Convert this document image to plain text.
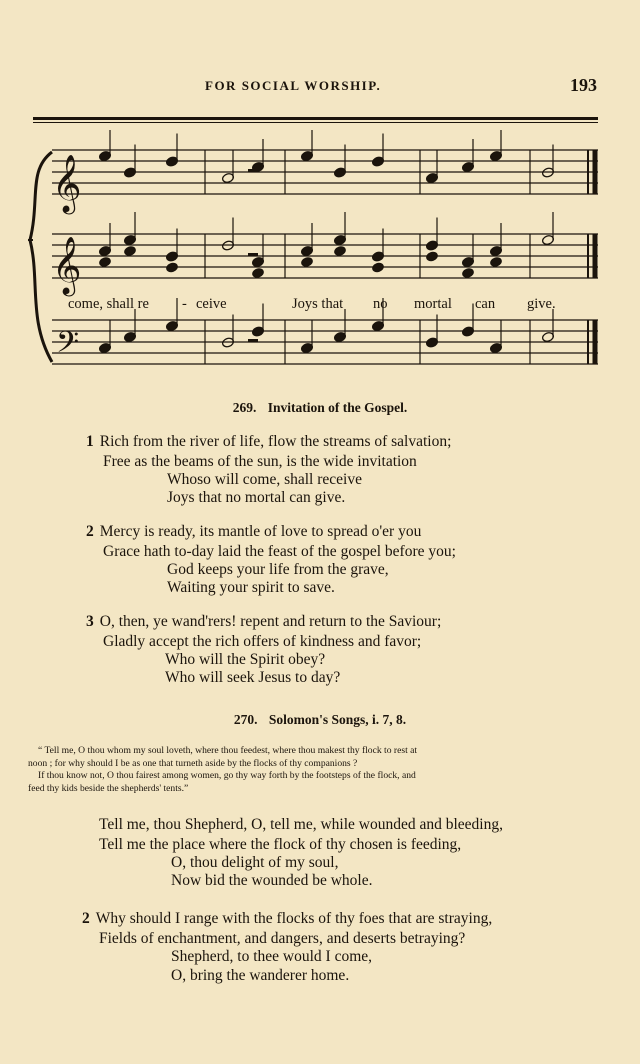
FOR SOCIAL WORSHIP.	193
𝄞
𝄞
𝄢
come, shall re - ceive	Joys that no mortal can give.
269. Invitation of the Gospel.
1 Rich from the river of life, flow the streams of salvation;
Free as the beams of the sun, is the wide invitation
Whoso will come, shall receive
Joys that no mortal can give.
2 Mercy is ready, its mantle of love to spread o'er you
Grace hath to-day laid the feast of the gospel before you;
God keeps your life from the grave,
Waiting your spirit to save.
3 O, then, ye wand'rers! repent and return to the Saviour;
Gladly accept the rich offers of kindness and favor;
Who will the Spirit obey?
Who will seek Jesus to day?
270. Solomon's Songs, i. 7, 8.

“ Tell me, O thou whom my soul loveth, where thou feedest, where thou makest thy flock to rest at

noon ; for why should I be as one that turneth aside by the flocks of thy companions ?

If thou know not, O thou fairest among women, go thy way forth by the footsteps of the flock, and

feed thy kids beside the shepherds' tents.”

Tell me, thou Shepherd, O, tell me, while wounded and bleeding,
Tell me the place where the flock of thy chosen is feeding,
O, thou delight of my soul,
Now bid the wounded be whole.
2 Why should I range with the flocks of thy foes that are straying,
Fields of enchantment, and dangers, and deserts betraying?
Shepherd, to thee would I come,
O, bring the wanderer home.
